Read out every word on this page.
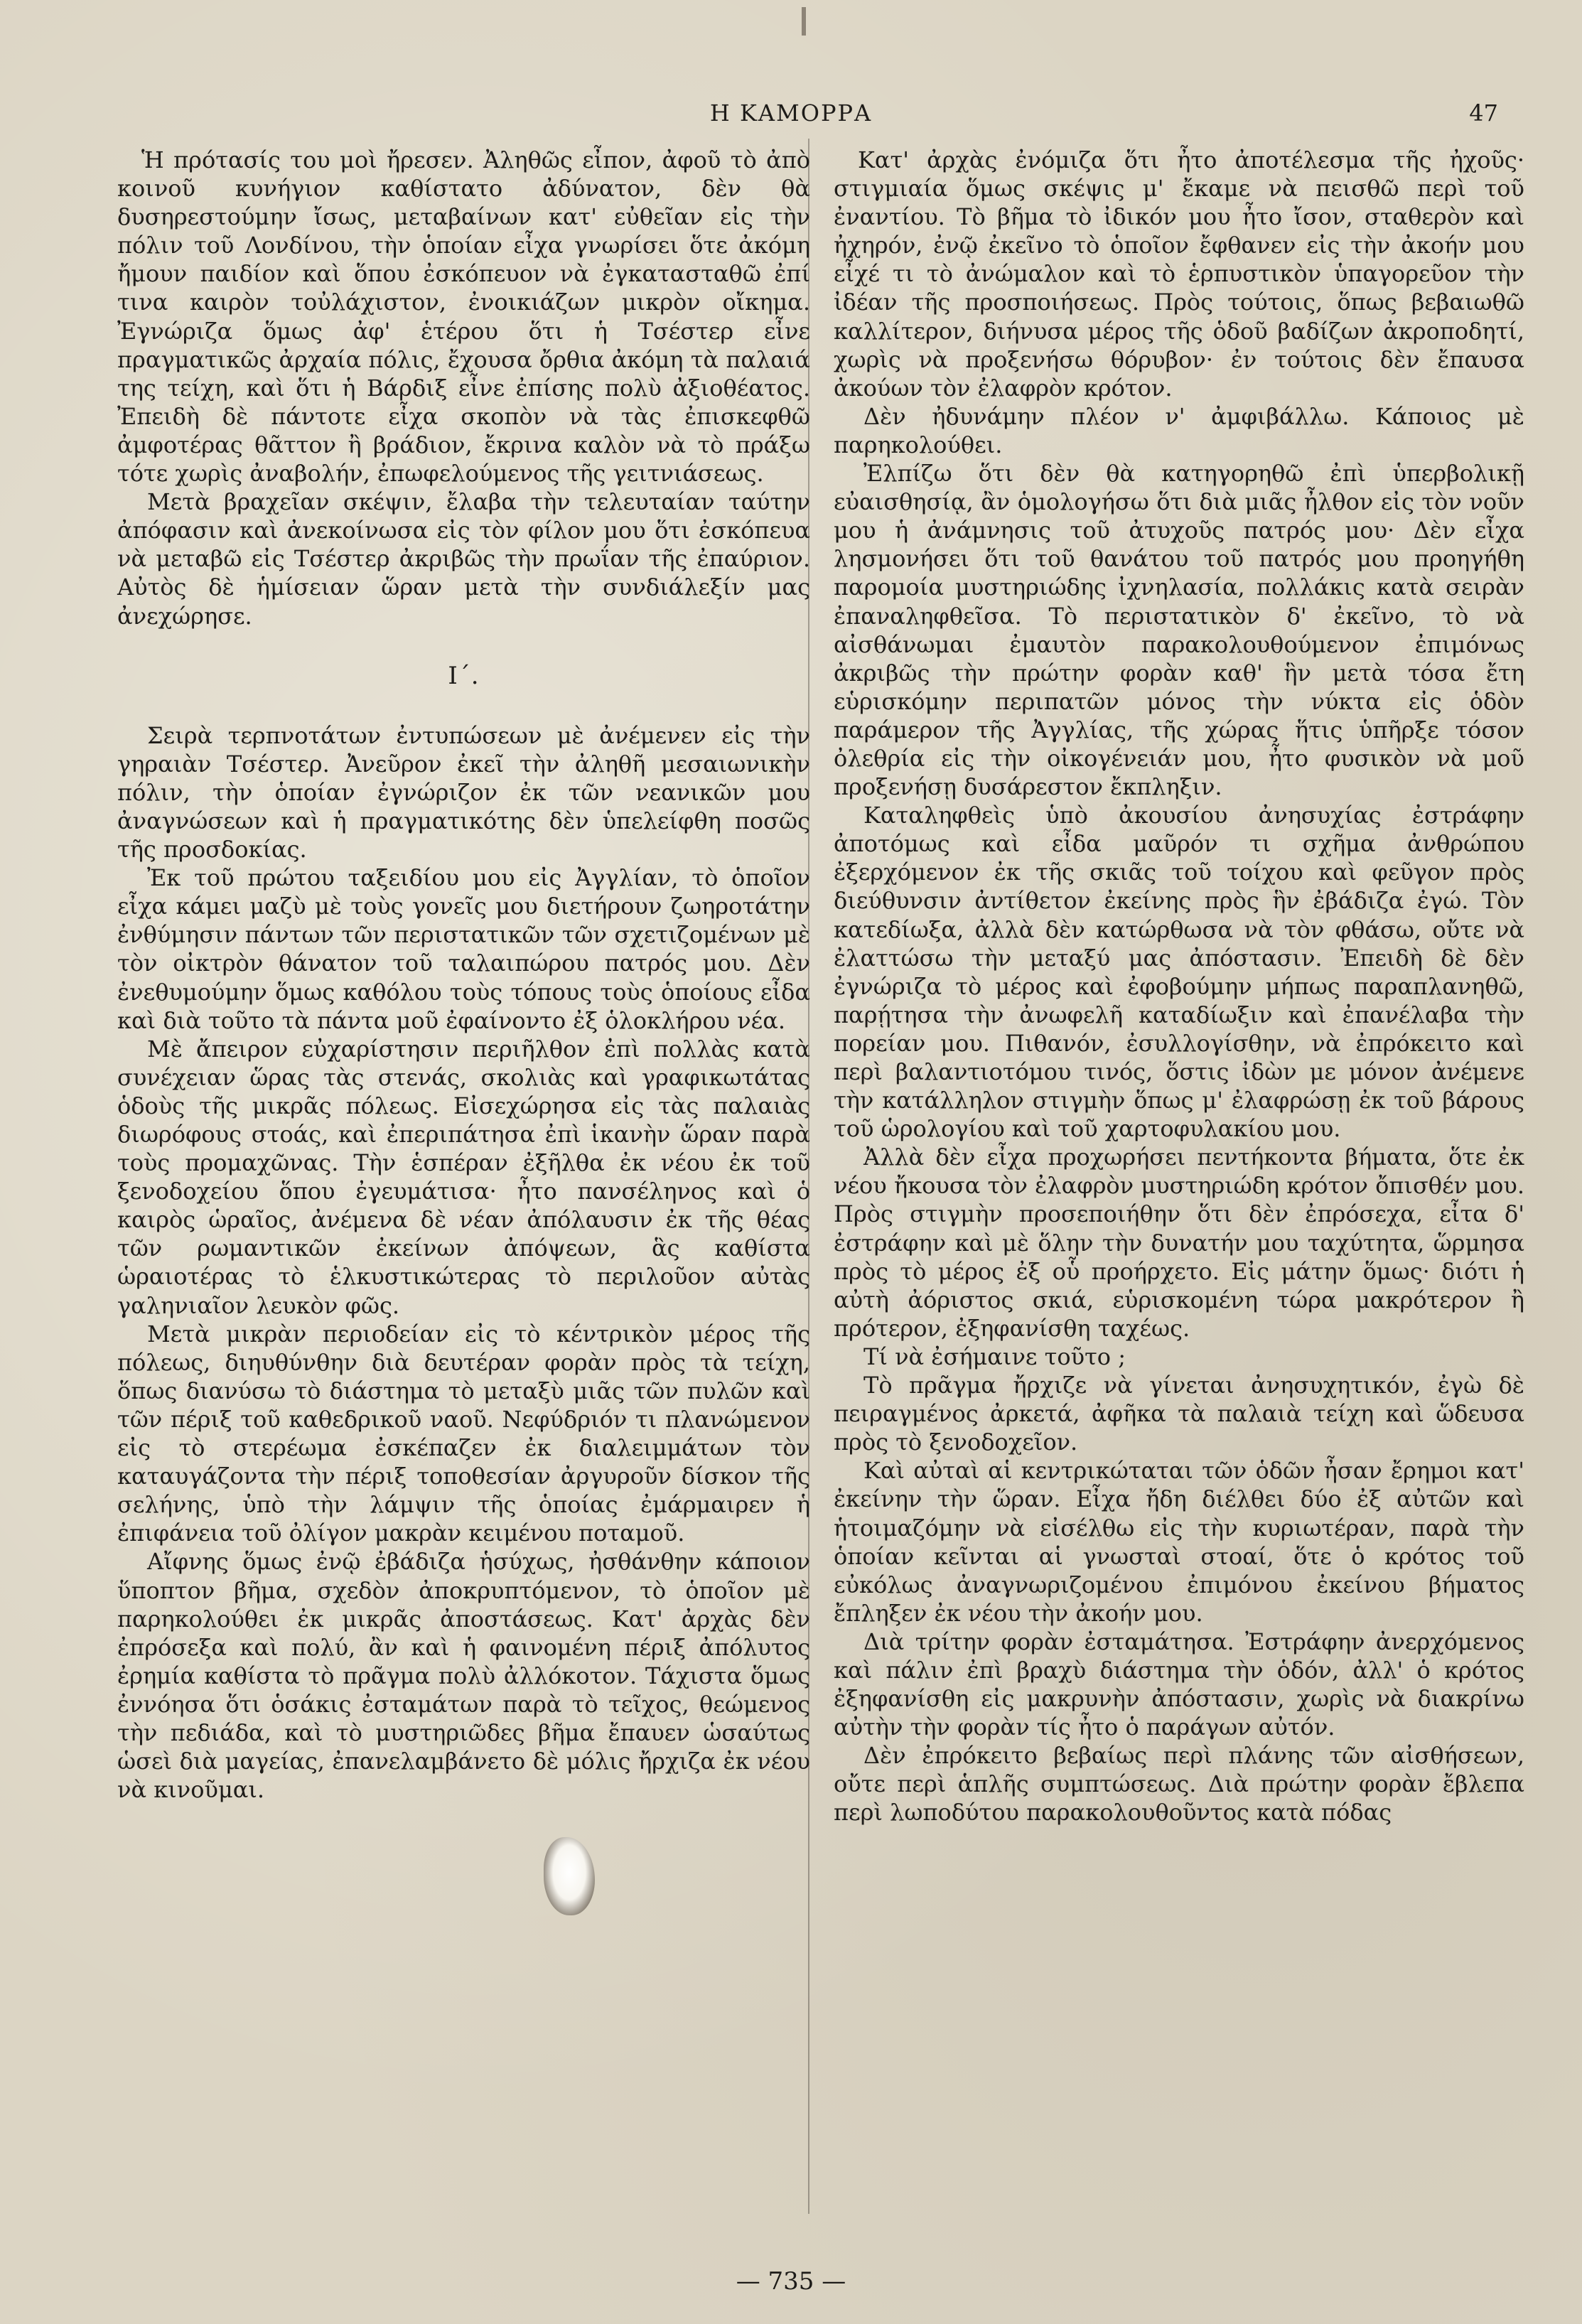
Η ΚΑΜΟΡΡΑ	47

Ἡ πρότασίς του μοὶ ἤρεσεν. Ἀληθῶς εἶπον, ἀφοῦ τὸ ἀπὸ κοινοῦ κυνήγιον καθίστατο ἀδύνατον, δὲν θὰ δυσηρεστούμην ἴσως, μεταβαίνων κατ' εὐθεῖαν εἰς τὴν πόλιν τοῦ Λονδίνου, τὴν ὁποίαν εἶχα γνωρίσει ὅτε ἀκόμη ἤμουν παιδίον καὶ ὅπου ἐσκόπευον νὰ ἐγκατασταθῶ ἐπί τινα καιρὸν τοὐλάχιστον, ἐνοικιάζων μικρὸν οἴκημα. Ἐγνώριζα ὅμως ἀφ' ἑτέρου ὅτι ἡ Τσέστερ εἶνε πραγματικῶς ἀρχαία πόλις, ἔχουσα ὄρθια ἀκόμη τὰ παλαιά της τείχη, καὶ ὅτι ἡ Βάρδιξ εἶνε ἐπίσης πολὺ ἀξιοθέατος. Ἐπειδὴ δὲ πάντοτε εἶχα σκοπὸν νὰ τὰς ἐπισκεφθῶ ἀμφοτέρας θᾶττον ἢ βράδιον, ἔκρινα καλὸν νὰ τὸ πράξω τότε χωρὶς ἀναβολήν, ἐπωφελούμενος τῆς γειτνιάσεως.

Μετὰ βραχεῖαν σκέψιν, ἔλαβα τὴν τελευταίαν ταύτην ἀπόφασιν καὶ ἀνεκοίνωσα εἰς τὸν φίλον μου ὅτι ἐσκόπευα νὰ μεταβῶ εἰς Τσέστερ ἀκριβῶς τὴν πρωΐαν τῆς ἐπαύριον. Αὐτὸς δὲ ἡμίσειαν ὥραν μετὰ τὴν συνδιάλεξίν μας ἀνεχώρησε.

Ι΄.

Σειρὰ τερπνοτάτων ἐντυπώσεων μὲ ἀνέμενεν εἰς τὴν γηραιὰν Τσέστερ. Ἀνεῦρον ἐκεῖ τὴν ἀληθῆ μεσαιωνικὴν πόλιν, τὴν ὁποίαν ἐγνώριζον ἐκ τῶν νεανικῶν μου ἀναγνώσεων καὶ ἡ πραγματικότης δὲν ὑπελείφθη ποσῶς τῆς προσδοκίας.

Ἐκ τοῦ πρώτου ταξειδίου μου εἰς Ἀγγλίαν, τὸ ὁποῖον εἶχα κάμει μαζὺ μὲ τοὺς γονεῖς μου διετήρουν ζωηροτάτην ἐνθύμησιν πάντων τῶν περιστατικῶν τῶν σχετιζομένων μὲ τὸν οἰκτρὸν θάνατον τοῦ ταλαιπώρου πατρός μου. Δὲν ἐνεθυμούμην ὅμως καθόλου τοὺς τόπους τοὺς ὁποίους εἶδα καὶ διὰ τοῦτο τὰ πάντα μοῦ ἐφαίνοντο ἐξ ὁλοκλήρου νέα.

Μὲ ἄπειρον εὐχαρίστησιν περιῆλθον ἐπὶ πολλὰς κατὰ συνέχειαν ὥρας τὰς στενάς, σκολιὰς καὶ γραφικωτάτας ὁδοὺς τῆς μικρᾶς πόλεως. Εἰσεχώρησα εἰς τὰς παλαιὰς διωρόφους στοάς, καὶ ἐπεριπάτησα ἐπὶ ἱκανὴν ὥραν παρὰ τοὺς προμαχῶνας. Τὴν ἑσπέραν ἐξῆλθα ἐκ νέου ἐκ τοῦ ξενοδοχείου ὅπου ἐγευμάτισα· ἦτο πανσέληνος καὶ ὁ καιρὸς ὡραῖος, ἀνέμενα δὲ νέαν ἀπόλαυσιν ἐκ τῆς θέας τῶν ρωμαντικῶν ἐκείνων ἀπόψεων, ἃς καθίστα ὡραιοτέρας τὸ ἑλκυστικώτερας τὸ περιλοῦον αὐτὰς γαληνιαῖον λευκὸν φῶς.

Μετὰ μικρὰν περιοδείαν εἰς τὸ κέντρικὸν μέρος τῆς πόλεως, διηυθύνθην διὰ δευτέραν φορὰν πρὸς τὰ τείχη, ὅπως διανύσω τὸ διάστημα τὸ μεταξὺ μιᾶς τῶν πυλῶν καὶ τῶν πέριξ τοῦ καθεδρικοῦ ναοῦ. Νεφύδριόν τι πλανώμενον εἰς τὸ στερέωμα ἐσκέπαζεν ἐκ διαλειμμάτων τὸν καταυγάζοντα τὴν πέριξ τοποθεσίαν ἀργυροῦν δίσκον τῆς σελήνης, ὑπὸ τὴν λάμψιν τῆς ὁποίας ἐμάρμαιρεν ἡ ἐπιφάνεια τοῦ ὀλίγον μακρὰν κειμένου ποταμοῦ.

Αἴφνης ὅμως ἐνῷ ἐβάδιζα ἡσύχως, ἠσθάνθην κάποιον ὕποπτον βῆμα, σχεδὸν ἀποκρυπτόμενον, τὸ ὁποῖον μὲ παρηκολούθει ἐκ μικρᾶς ἀποστάσεως. Κατ' ἀρχὰς δὲν ἐπρόσεξα καὶ πολύ, ἂν καὶ ἡ φαινομένη πέριξ ἀπόλυτος ἐρημία καθίστα τὸ πρᾶγμα πολὺ ἀλλόκοτον. Τάχιστα ὅμως ἐννόησα ὅτι ὁσάκις ἐσταμάτων παρὰ τὸ τεῖχος, θεώμενος τὴν πεδιάδα, καὶ τὸ μυστηριῶδες βῆμα ἔπαυεν ὡσαύτως ὡσεὶ διὰ μαγείας, ἐπανελαμβάνετο δὲ μόλις ἤρχιζα ἐκ νέου νὰ κινοῦμαι.

Κατ' ἀρχὰς ἐνόμιζα ὅτι ἦτο ἀποτέλεσμα τῆς ἠχοῦς· στιγμιαία ὅμως σκέψις μ' ἔκαμε νὰ πεισθῶ περὶ τοῦ ἐναντίου. Τὸ βῆμα τὸ ἰδικόν μου ἦτο ἴσον, σταθερὸν καὶ ἠχηρόν, ἐνῷ ἐκεῖνο τὸ ὁποῖον ἔφθανεν εἰς τὴν ἀκοήν μου εἶχέ τι τὸ ἀνώμαλον καὶ τὸ ἑρπυστικὸν ὑπαγορεῦον τὴν ἰδέαν τῆς προσποιήσεως. Πρὸς τούτοις, ὅπως βεβαιωθῶ καλλίτερον, διήνυσα μέρος τῆς ὁδοῦ βαδίζων ἀκροποδητί, χωρὶς νὰ προξενήσω θόρυβον· ἐν τούτοις δὲν ἔπαυσα ἀκούων τὸν ἐλαφρὸν κρότον.

Δὲν ἠδυνάμην πλέον ν' ἀμφιβάλλω. Κάποιος μὲ παρηκολούθει.

Ἐλπίζω ὅτι δὲν θὰ κατηγορηθῶ ἐπὶ ὑπερβολικῇ εὐαισθησίᾳ, ἂν ὁμολογήσω ὅτι διὰ μιᾶς ἦλθον εἰς τὸν νοῦν μου ἡ ἀνάμνησις τοῦ ἀτυχοῦς πατρός μου· Δὲν εἶχα λησμονήσει ὅτι τοῦ θανάτου τοῦ πατρός μου προηγήθη παρομοία μυστηριώδης ἰχνηλασία, πολλάκις κατὰ σειρὰν ἐπαναληφθεῖσα. Τὸ περιστατικὸν δ' ἐκεῖνο, τὸ νὰ αἰσθάνωμαι ἐμαυτὸν παρακολουθούμενον ἐπιμόνως ἀκριβῶς τὴν πρώτην φορὰν καθ' ἣν μετὰ τόσα ἔτη εὑρισκόμην περιπατῶν μόνος τὴν νύκτα εἰς ὁδὸν παράμερον τῆς Ἀγγλίας, τῆς χώρας ἥτις ὑπῆρξε τόσον ὀλεθρία εἰς τὴν οἰκογένειάν μου, ἦτο φυσικὸν νὰ μοῦ προξενήσῃ δυσάρεστον ἔκπληξιν.

Καταληφθεὶς ὑπὸ ἀκουσίου ἀνησυχίας ἐστράφην ἀποτόμως καὶ εἶδα μαῦρόν τι σχῆμα ἀνθρώπου ἐξερχόμενον ἐκ τῆς σκιᾶς τοῦ τοίχου καὶ φεῦγον πρὸς διεύθυνσιν ἀντίθετον ἐκείνης πρὸς ἣν ἐβάδιζα ἐγώ. Τὸν κατεδίωξα, ἀλλὰ δὲν κατώρθωσα νὰ τὸν φθάσω, οὔτε νὰ ἐλαττώσω τὴν μεταξύ μας ἀπόστασιν. Ἐπειδὴ δὲ δὲν ἐγνώριζα τὸ μέρος καὶ ἐφοβούμην μήπως παραπλανηθῶ, παρῄτησα τὴν ἀνωφελῆ καταδίωξιν καὶ ἐπανέλαβα τὴν πορείαν μου. Πιθανόν, ἐσυλλογίσθην, νὰ ἐπρόκειτο καὶ περὶ βαλαντιοτόμου τινός, ὅστις ἰδὼν με μόνον ἀνέμενε τὴν κατάλληλον στιγμὴν ὅπως μ' ἐλαφρώσῃ ἐκ τοῦ βάρους τοῦ ὡρολογίου καὶ τοῦ χαρτοφυλακίου μου.

Ἀλλὰ δὲν εἶχα προχωρήσει πεντήκοντα βήματα, ὅτε ἐκ νέου ἤκουσα τὸν ἐλαφρὸν μυστηριώδη κρότον ὄπισθέν μου. Πρὸς στιγμὴν προσεποιήθην ὅτι δὲν ἐπρόσεχα, εἶτα δ' ἐστράφην καὶ μὲ ὅλην τὴν δυνατήν μου ταχύτητα, ὥρμησα πρὸς τὸ μέρος ἐξ οὗ προήρχετο. Εἰς μάτην ὅμως· διότι ἡ αὐτὴ ἀόριστος σκιά, εὑρισκομένη τώρα μακρότερον ἢ πρότερον, ἐξηφανίσθη ταχέως.

Τί νὰ ἐσήμαινε τοῦτο ;

Τὸ πρᾶγμα ἤρχιζε νὰ γίνεται ἀνησυχητικόν, ἐγὼ δὲ πειραγμένος ἀρκετά, ἀφῆκα τὰ παλαιὰ τείχη καὶ ὥδευσα πρὸς τὸ ξενοδοχεῖον.

Καὶ αὐταὶ αἱ κεντρικώταται τῶν ὁδῶν ἦσαν ἔρημοι κατ' ἐκείνην τὴν ὥραν. Εἶχα ἤδη διέλθει δύο ἐξ αὐτῶν καὶ ἡτοιμαζόμην νὰ εἰσέλθω εἰς τὴν κυριωτέραν, παρὰ τὴν ὁποίαν κεῖνται αἱ γνωσταὶ στοαί, ὅτε ὁ κρότος τοῦ εὐκόλως ἀναγνωριζομένου ἐπιμόνου ἐκείνου βήματος ἔπληξεν ἐκ νέου τὴν ἀκοήν μου.

Διὰ τρίτην φορὰν ἐσταμάτησα. Ἐστράφην ἀνερχόμενος καὶ πάλιν ἐπὶ βραχὺ διάστημα τὴν ὁδόν, ἀλλ' ὁ κρότος ἐξηφανίσθη εἰς μακρυνὴν ἀπόστασιν, χωρὶς νὰ διακρίνω αὐτὴν τὴν φορὰν τίς ἦτο ὁ παράγων αὐτόν.

Δὲν ἐπρόκειτο βεβαίως περὶ πλάνης τῶν αἰσθήσεων, οὔτε περὶ ἁπλῆς συμπτώσεως. Διὰ πρώτην φορὰν ἔβλεπα περὶ λωποδύτου παρακολουθοῦντος κατὰ πόδας

— 735 —
